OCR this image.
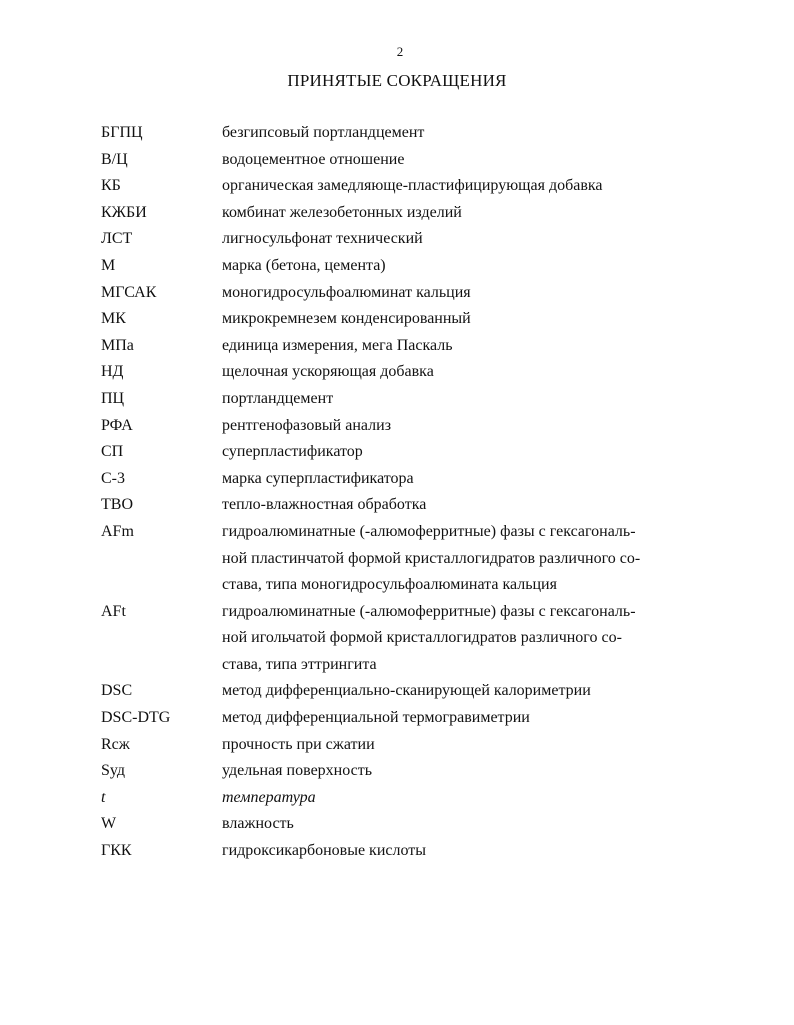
2
ПРИНЯТЫЕ СОКРАЩЕНИЯ
БГПЦ	безгипсовый портландцемент
В/Ц	водоцементное отношение
КБ	органическая замедляюще-пластифицирующая добавка
КЖБИ	комбинат железобетонных изделий
ЛСТ	лигносульфонат технический
М	марка (бетона, цемента)
МГСАК	моногидросульфоалюминат кальция
МК	микрокремнезем конденсированный
МПа	единица измерения, мега Паскаль
НД	щелочная ускоряющая добавка
ПЦ	портландцемент
РФА	рентгенофазовый анализ
СП	суперпластификатор
С-3	марка суперпластификатора
ТВО	тепло-влажностная обработка
AFm	гидроалюминатные (-алюмоферритные) фазы с гексагональ-
ной пластинчатой формой кристаллогидратов различного со-
става, типа моногидросульфоалюмината кальция
AFt	гидроалюминатные (-алюмоферритные) фазы с гексагональ-
ной игольчатой формой кристаллогидратов различного со-
става, типа эттрингита
DSC	метод дифференциально-сканирующей калориметрии
DSC-DTG	метод дифференциальной термогравиметрии
Rсж	прочность при сжатии
Sуд	удельная поверхность
t	температура
W	влажность
ГКК	гидроксикарбоновые кислоты
